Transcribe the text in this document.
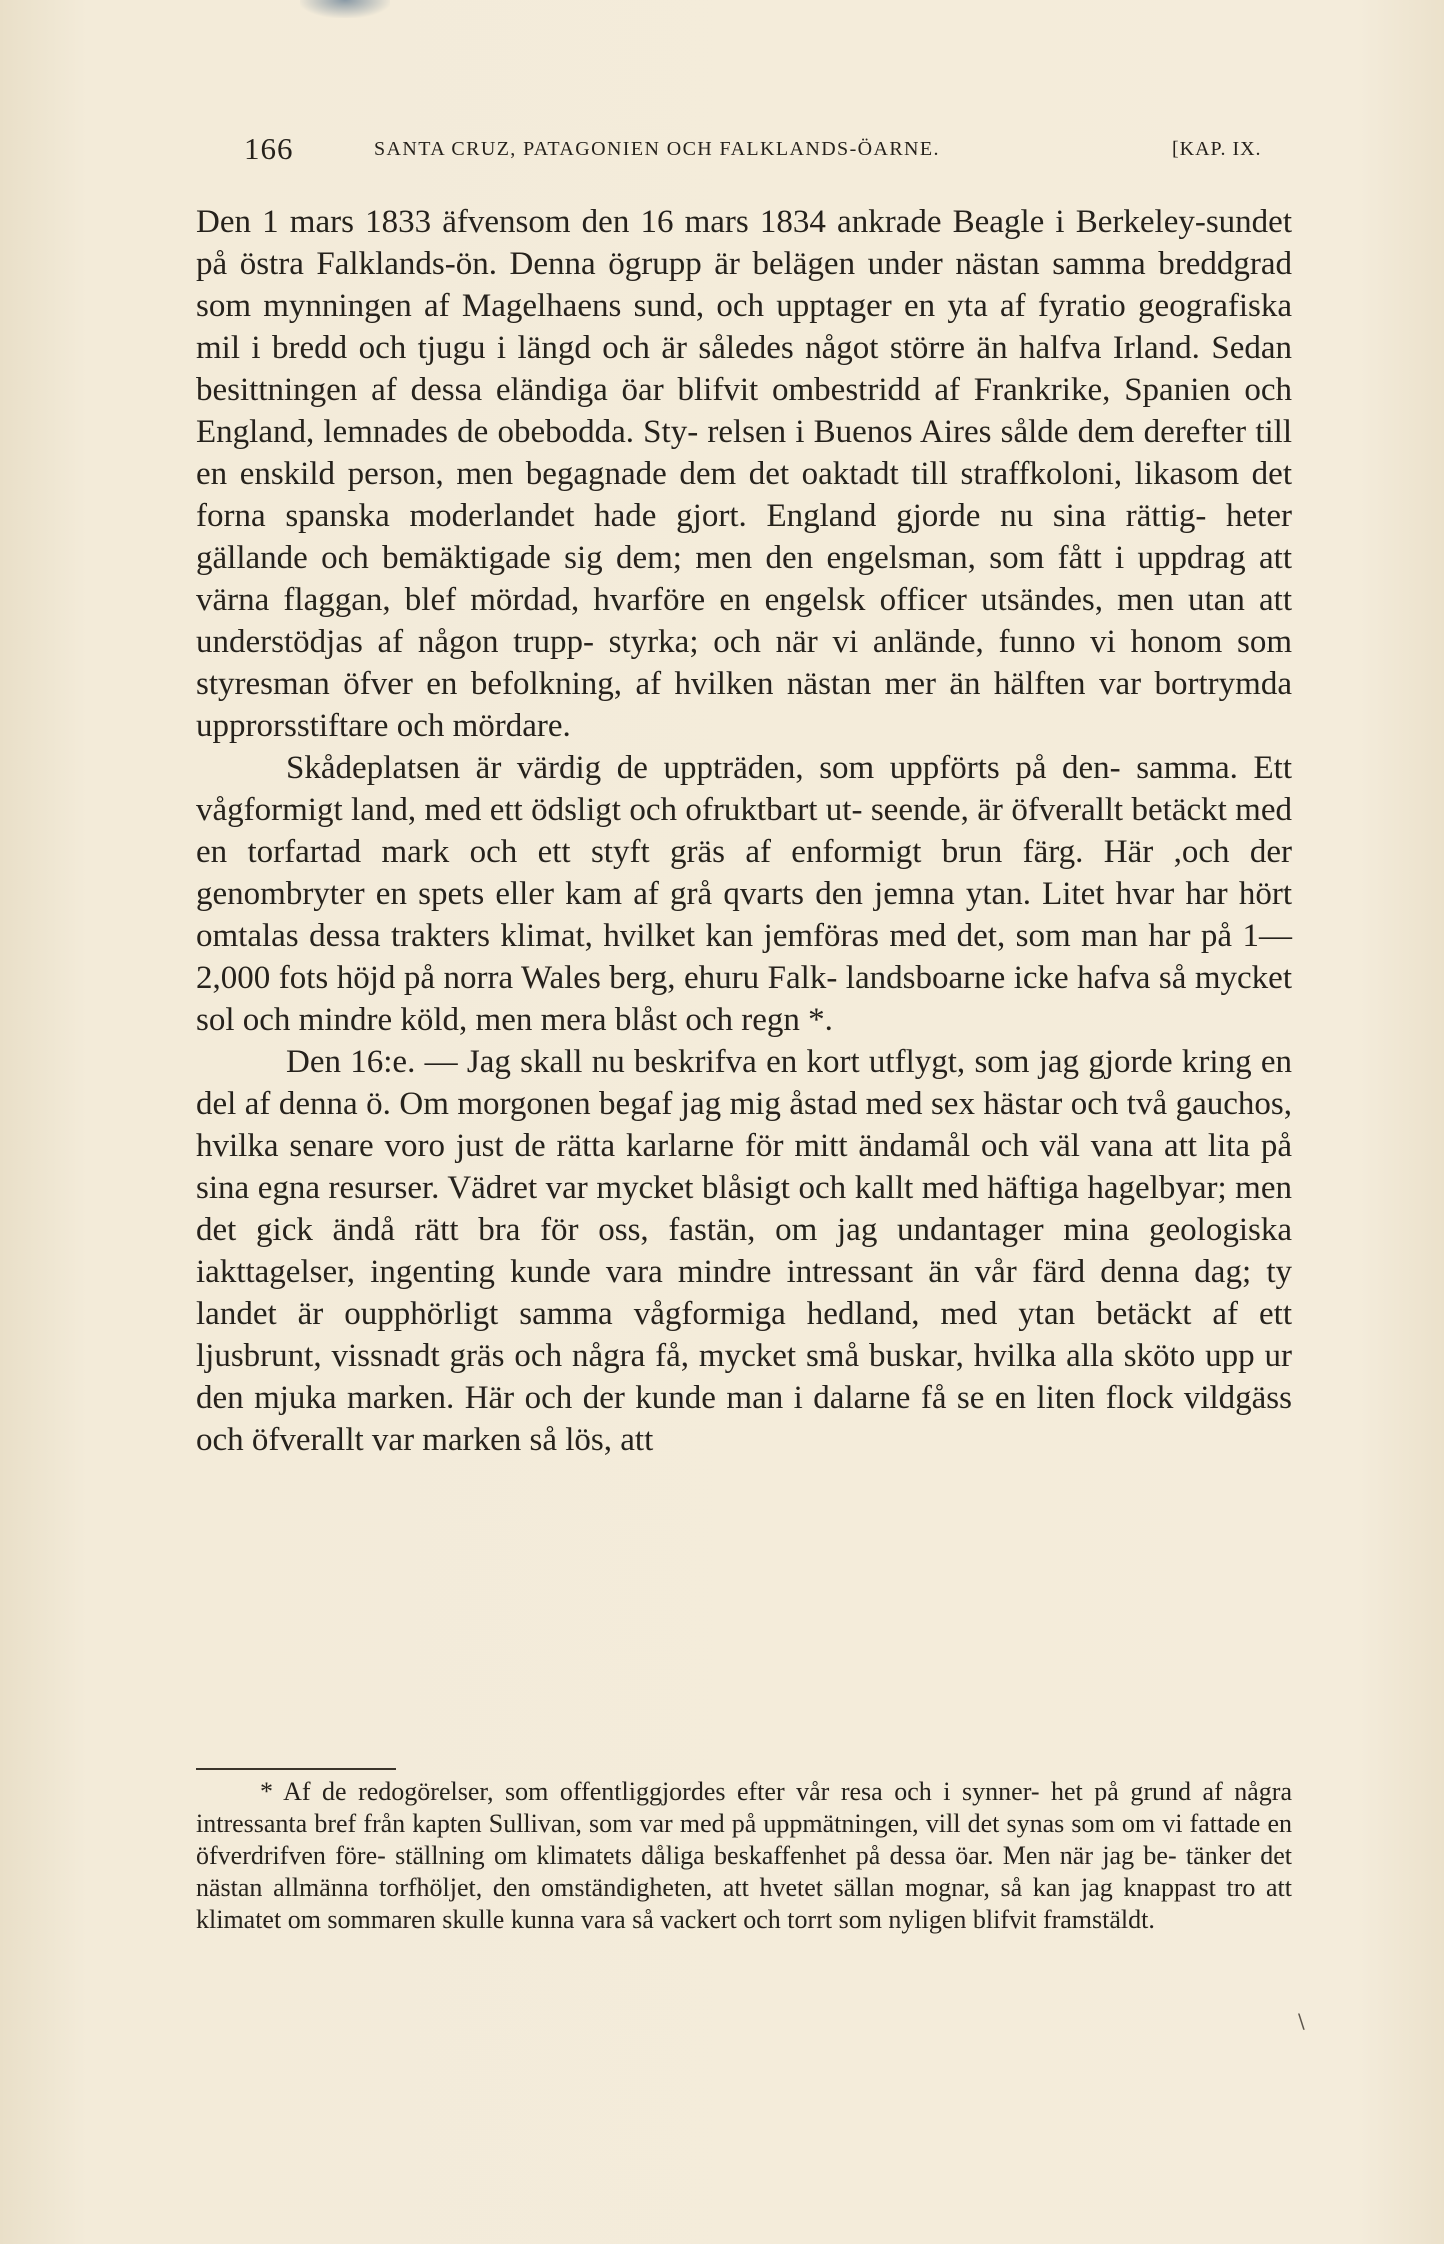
166	SANTA CRUZ, PATAGONIEN OCH FALKLANDS-ÖARNE.	[KAP. IX.

Den 1 mars 1833 äfvensom den 16 mars 1834 ankrade Beagle i Berkeley-sundet på östra Falklands-ön. Denna ögrupp är belägen under nästan samma breddgrad som mynningen af Magelhaens sund, och upptager en yta af fyratio geografiska mil i bredd och tjugu i längd och är således något större än halfva Irland. Sedan besittningen af dessa eländiga öar blifvit ombestridd af Frankrike, Spanien och England, lemnades de obebodda. Sty- relsen i Buenos Aires sålde dem derefter till en enskild person, men begagnade dem det oaktadt till straffkoloni, likasom det forna spanska moderlandet hade gjort. England gjorde nu sina rättig- heter gällande och bemäktigade sig dem; men den engelsman, som fått i uppdrag att värna flaggan, blef mördad, hvarföre en engelsk officer utsändes, men utan att understödjas af någon trupp- styrka; och när vi anlände, funno vi honom som styresman öfver en befolkning, af hvilken nästan mer än hälften var bortrymda upprorsstiftare och mördare.

Skådeplatsen är värdig de uppträden, som uppförts på den- samma. Ett vågformigt land, med ett ödsligt och ofruktbart ut- seende, är öfverallt betäckt med en torfartad mark och ett styft gräs af enformigt brun färg. Här ,och der genombryter en spets eller kam af grå qvarts den jemna ytan. Litet hvar har hört omtalas dessa trakters klimat, hvilket kan jemföras med det, som man har på 1—2,000 fots höjd på norra Wales berg, ehuru Falk- landsboarne icke hafva så mycket sol och mindre köld, men mera blåst och regn *.

Den 16:e. — Jag skall nu beskrifva en kort utflygt, som jag gjorde kring en del af denna ö. Om morgonen begaf jag mig åstad med sex hästar och två gauchos, hvilka senare voro just de rätta karlarne för mitt ändamål och väl vana att lita på sina egna resurser. Vädret var mycket blåsigt och kallt med häftiga hagelbyar; men det gick ändå rätt bra för oss, fastän, om jag undantager mina geologiska iakttagelser, ingenting kunde vara mindre intressant än vår färd denna dag; ty landet är oupphörligt samma vågformiga hedland, med ytan betäckt af ett ljusbrunt, vissnadt gräs och några få, mycket små buskar, hvilka alla sköto upp ur den mjuka marken. Här och der kunde man i dalarne få se en liten flock vildgäss och öfverallt var marken så lös, att

* Af de redogörelser, som offentliggjordes efter vår resa och i synner- het på grund af några intressanta bref från kapten Sullivan, som var med på uppmätningen, vill det synas som om vi fattade en öfverdrifven före- ställning om klimatets dåliga beskaffenhet på dessa öar. Men när jag be- tänker det nästan allmänna torfhöljet, den omständigheten, att hvetet sällan mognar, så kan jag knappast tro att klimatet om sommaren skulle kunna vara så vackert och torrt som nyligen blifvit framstäldt.
\
